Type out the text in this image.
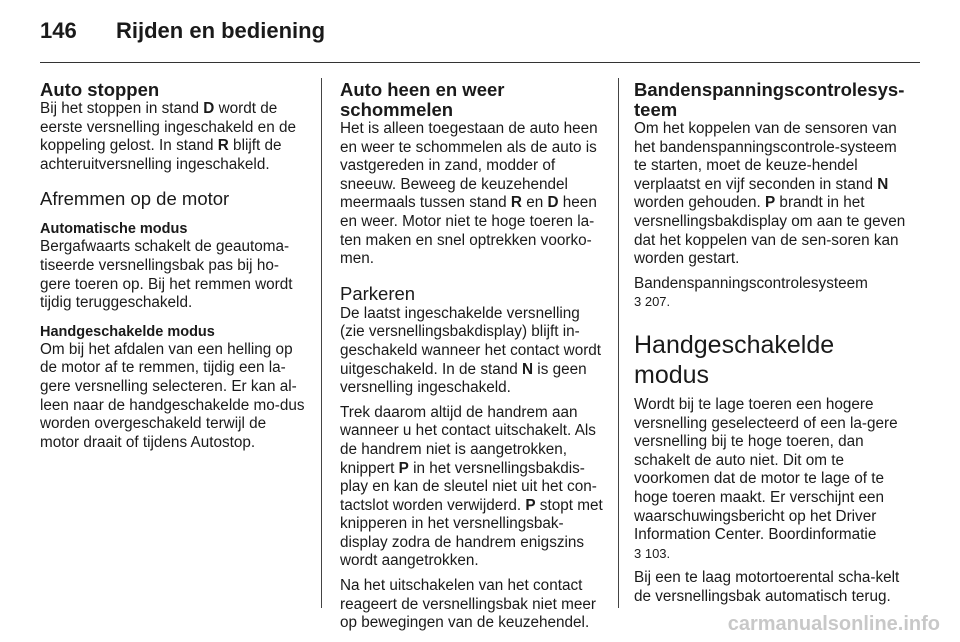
146 Rijden en bediening
Auto stoppen

Bij het stoppen in stand D wordt de eerste versnelling ingeschakeld en de koppeling gelost. In stand R blijft de achteruitversnelling ingeschakeld.

Afremmen op de motor
Automatische modus

Bergafwaarts schakelt de geautoma-tiseerde versnellingsbak pas bij ho-gere toeren op. Bij het remmen wordt tijdig teruggeschakeld.

Handgeschakelde modus

Om bij het afdalen van een helling op de motor af te remmen, tijdig een la-gere versnelling selecteren. Er kan al-leen naar de handgeschakelde mo-dus worden overgeschakeld terwijl de motor draait of tijdens Autostop.

Auto heen en weer schommelen

Het is alleen toegestaan de auto heen en weer te schommelen als de auto is vastgereden in zand, modder of sneeuw. Beweeg de keuzehendel meermaals tussen stand R en D heen en weer. Motor niet te hoge toeren la-ten maken en snel optrekken voorko-men.

Parkeren

De laatst ingeschakelde versnelling (zie versnellingsbakdisplay) blijft in-geschakeld wanneer het contact wordt uitgeschakeld. In de stand N is geen versnelling ingeschakeld.

Trek daarom altijd de handrem aan wanneer u het contact uitschakelt. Als de handrem niet is aangetrokken, knippert P in het versnellingsbakdis-play en kan de sleutel niet uit het con-tactslot worden verwijderd. P stopt met knipperen in het versnellingsbak-display zodra de handrem enigszins wordt aangetrokken.

Na het uitschakelen van het contact reageert de versnellingsbak niet meer op bewegingen van de keuzehendel.

Bandenspanningscontrolesys-teem

Om het koppelen van de sensoren van het bandenspanningscontrole-systeem te starten, moet de keuze-hendel verplaatst en vijf seconden in stand N worden gehouden. P brandt in het versnellingsbakdisplay om aan te geven dat het koppelen van de sen-soren kan worden gestart.

Bandenspanningscontrolesysteem
3 207.

Handgeschakelde modus

Wordt bij te lage toeren een hogere versnelling geselecteerd of een la-gere versnelling bij te hoge toeren, dan schakelt de auto niet. Dit om te voorkomen dat de motor te lage of te hoge toeren maakt. Er verschijnt een waarschuwingsbericht op het Driver Information Center. Boordinformatie
3 103.

Bij een te laag motortoerental scha-kelt de versnellingsbak automatisch terug.

carmanualsonline.info
